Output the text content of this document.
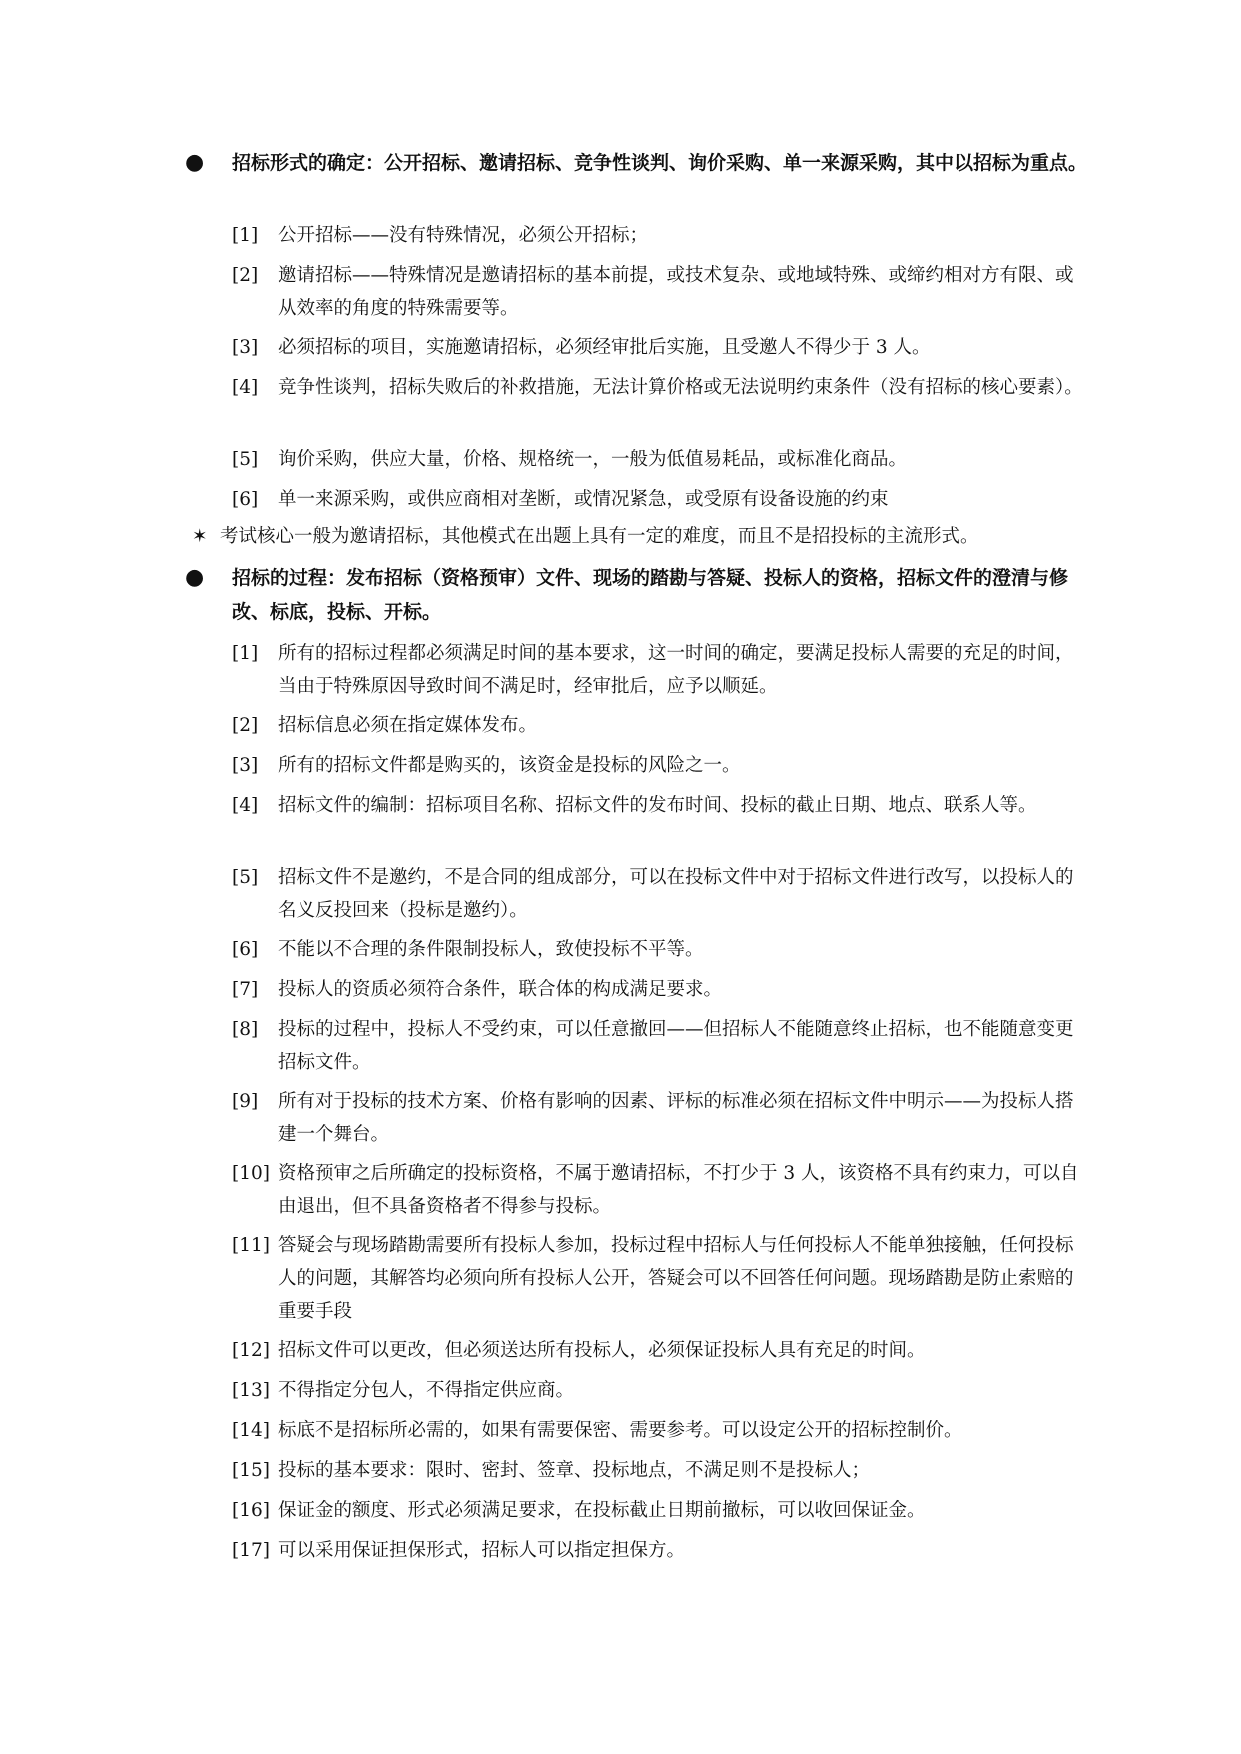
● 招标形式的确定：公开招标、邀请招标、竞争性谈判、询价采购、单一来源采购，其中以招标为重点。
[1] 公开招标——没有特殊情况，必须公开招标；
[2] 邀请招标——特殊情况是邀请招标的基本前提，或技术复杂、或地域特殊、或缔约相对方有限、或从效率的角度的特殊需要等。
[3] 必须招标的项目，实施邀请招标，必须经审批后实施，且受邀人不得少于 3 人。
[4] 竞争性谈判，招标失败后的补救措施，无法计算价格或无法说明约束条件（没有招标的核心要素）。
[5] 询价采购，供应大量，价格、规格统一，一般为低值易耗品，或标准化商品。
[6] 单一来源采购，或供应商相对垄断，或情况紧急，或受原有设备设施的约束
✶ 考试核心一般为邀请招标，其他模式在出题上具有一定的难度，而且不是招投标的主流形式。
● 招标的过程：发布招标（资格预审）文件、现场的踏勘与答疑、投标人的资格，招标文件的澄清与修改、标底，投标、开标。
[1] 所有的招标过程都必须满足时间的基本要求，这一时间的确定，要满足投标人需要的充足的时间，当由于特殊原因导致时间不满足时，经审批后，应予以顺延。
[2] 招标信息必须在指定媒体发布。
[3] 所有的招标文件都是购买的，该资金是投标的风险之一。
[4] 招标文件的编制：招标项目名称、招标文件的发布时间、投标的截止日期、地点、联系人等。
[5] 招标文件不是邀约，不是合同的组成部分，可以在投标文件中对于招标文件进行改写，以投标人的名义反投回来（投标是邀约）。
[6] 不能以不合理的条件限制投标人，致使投标不平等。
[7] 投标人的资质必须符合条件，联合体的构成满足要求。
[8] 投标的过程中，投标人不受约束，可以任意撤回——但招标人不能随意终止招标，也不能随意变更招标文件。
[9] 所有对于投标的技术方案、价格有影响的因素、评标的标准必须在招标文件中明示——为投标人搭建一个舞台。
[10] 资格预审之后所确定的投标资格，不属于邀请招标，不打少于 3 人，该资格不具有约束力，可以自由退出，但不具备资格者不得参与投标。
[11] 答疑会与现场踏勘需要所有投标人参加，投标过程中招标人与任何投标人不能单独接触，任何投标人的问题，其解答均必须向所有投标人公开，答疑会可以不回答任何问题。现场踏勘是防止索赔的重要手段
[12] 招标文件可以更改，但必须送达所有投标人，必须保证投标人具有充足的时间。
[13] 不得指定分包人，不得指定供应商。
[14] 标底不是招标所必需的，如果有需要保密、需要参考。可以设定公开的招标控制价。
[15] 投标的基本要求：限时、密封、签章、投标地点，不满足则不是投标人；
[16] 保证金的额度、形式必须满足要求，在投标截止日期前撤标，可以收回保证金。
[17] 可以采用保证担保形式，招标人可以指定担保方。
